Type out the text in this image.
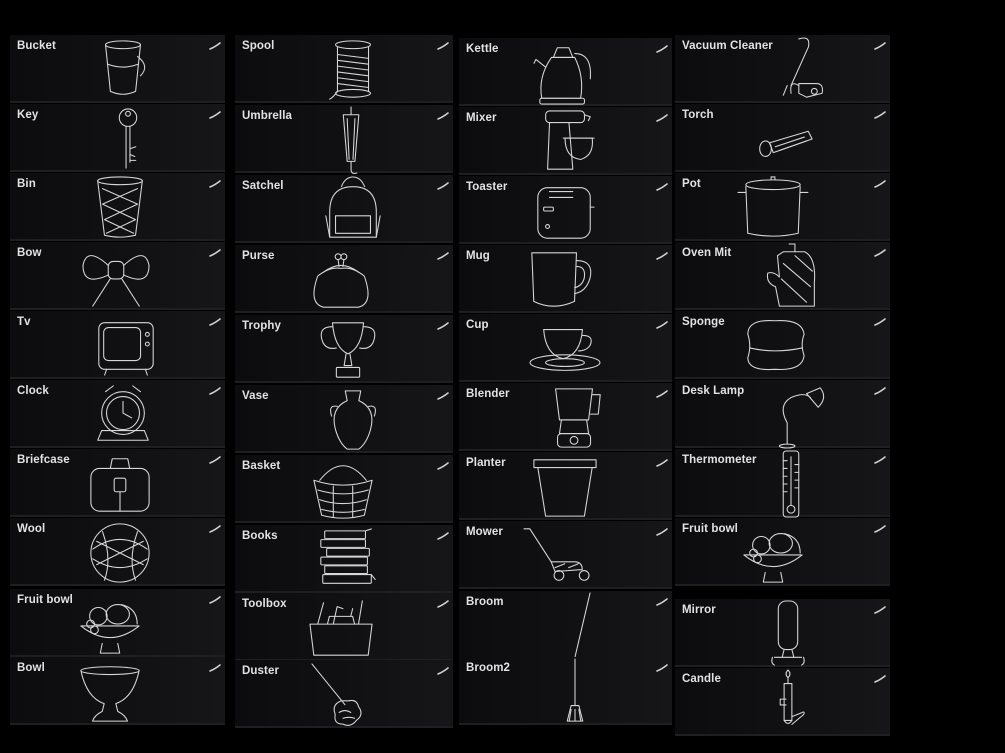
Bucket
Key
Bin
Bow
Tv
Clock
Briefcase
Wool
Fruit bowl
Bowl
Spool
Umbrella
Satchel
Purse
Trophy
Vase
Basket
Books
Toolbox
Duster
Kettle
Mixer
Toaster
Mug
Cup
Blender
Planter
Mower
Broom
Broom2
Vacuum Cleaner
Torch
Pot
Oven Mit
Sponge
Desk Lamp
Thermometer
Fruit bowl
Mirror
Candle
